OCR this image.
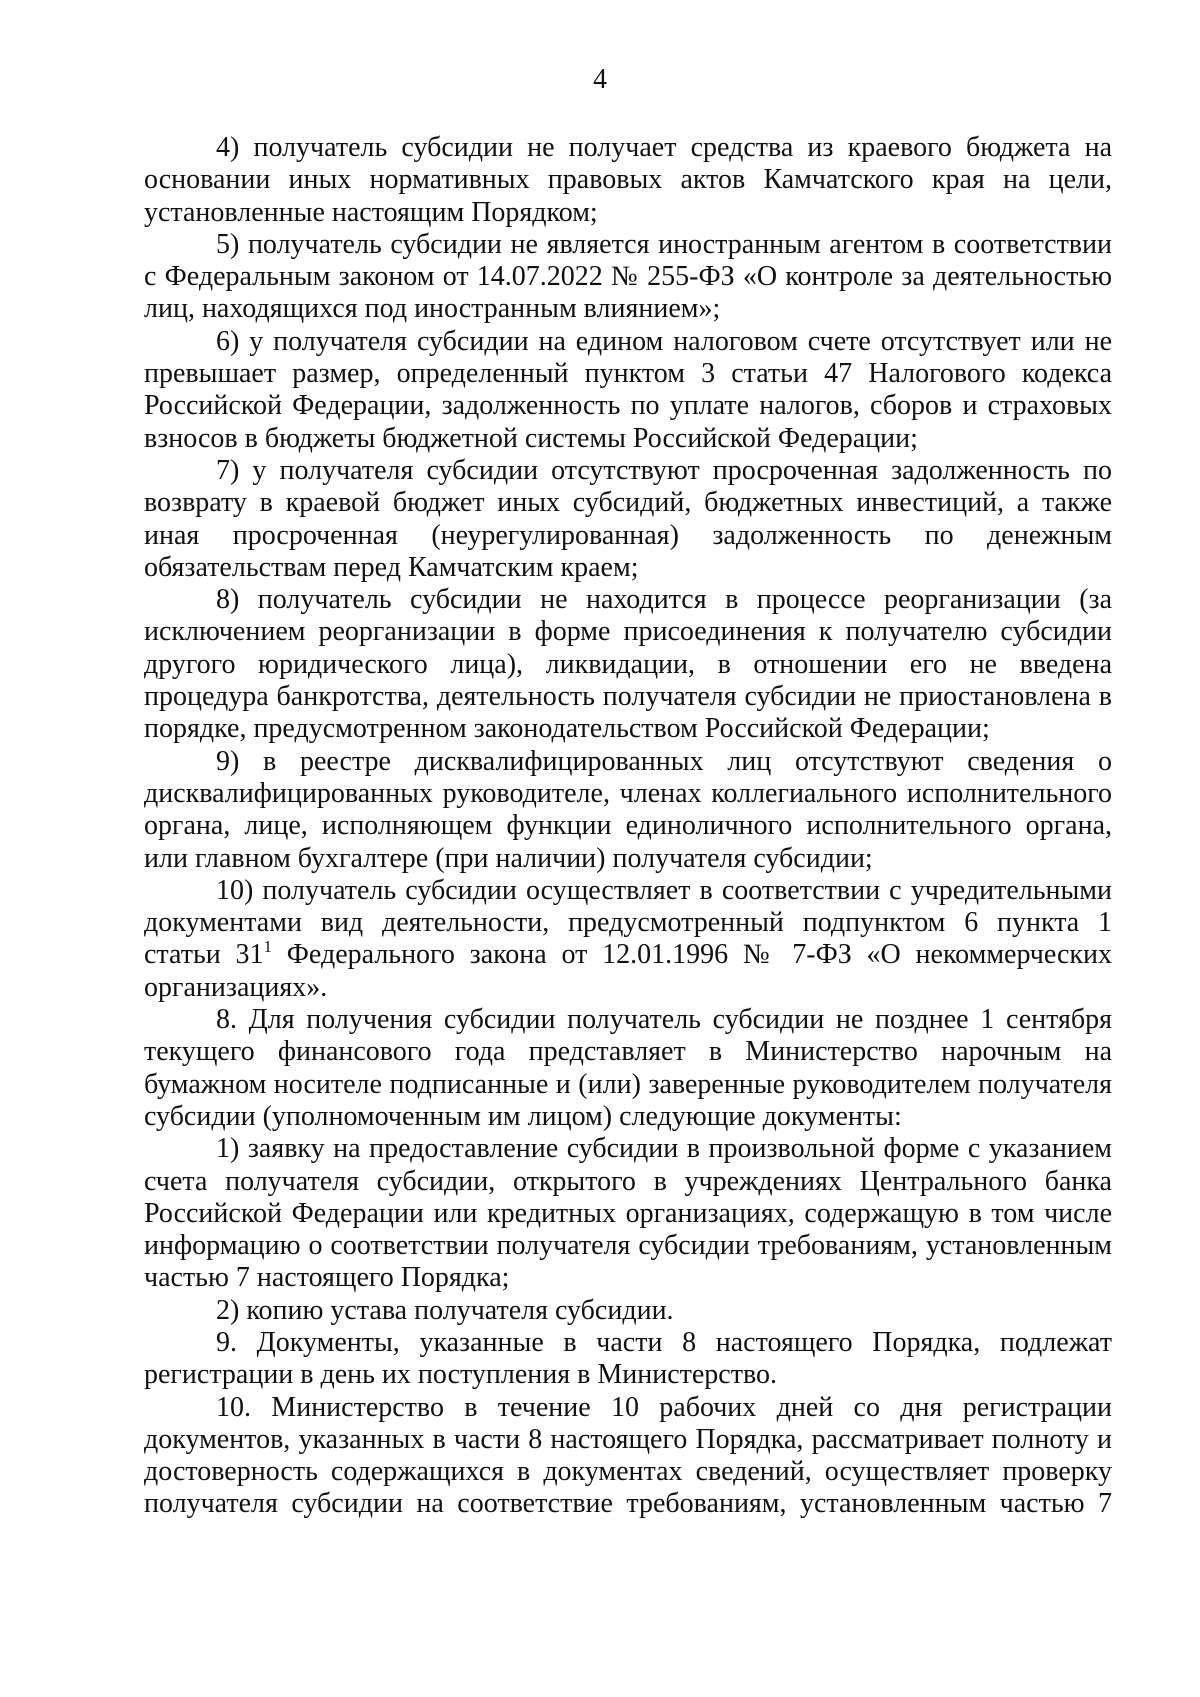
4

4) получатель субсидии не получает средства из краевого бюджета на основании иных нормативных правовых актов Камчатского края на цели, установленные настоящим Порядком;

5) получатель субсидии не является иностранным агентом в соответствии с Федеральным законом от 14.07.2022 № 255-ФЗ «О контроле за деятельностью лиц, находящихся под иностранным влиянием»;

6) у получателя субсидии на едином налоговом счете отсутствует или не превышает размер, определенный пунктом 3 статьи 47 Налогового кодекса Российской Федерации, задолженность по уплате налогов, сборов и страховых взносов в бюджеты бюджетной системы Российской Федерации;

7) у получателя субсидии отсутствуют просроченная задолженность по возврату в краевой бюджет иных субсидий, бюджетных инвестиций, а также иная просроченная (неурегулированная) задолженность по денежным обязательствам перед Камчатским краем;

8) получатель субсидии не находится в процессе реорганизации (за исключением реорганизации в форме присоединения к получателю субсидии другого юридического лица), ликвидации, в отношении его не введена процедура банкротства, деятельность получателя субсидии не приостановлена в порядке, предусмотренном законодательством Российской Федерации;

9) в реестре дисквалифицированных лиц отсутствуют сведения о дисквалифицированных руководителе, членах коллегиального исполнительного органа, лице, исполняющем функции единоличного исполнительного органа, или главном бухгалтере (при наличии) получателя субсидии;

10) получатель субсидии осуществляет в соответствии с учредительными документами вид деятельности, предусмотренный подпунктом 6 пункта 1 статьи $31^1$ Федерального закона от 12.01.1996 № 7-ФЗ «О некоммерческих организациях».

8. Для получения субсидии получатель субсидии не позднее 1 сентября текущего финансового года представляет в Министерство нарочным на бумажном носителе подписанные и (или) заверенные руководителем получателя субсидии (уполномоченным им лицом) следующие документы:

1) заявку на предоставление субсидии в произвольной форме с указанием счета получателя субсидии, открытого в учреждениях Центрального банка Российской Федерации или кредитных организациях, содержащую в том числе информацию о соответствии получателя субсидии требованиям, установленным частью 7 настоящего Порядка;

2) копию устава получателя субсидии.

9. Документы, указанные в части 8 настоящего Порядка, подлежат регистрации в день их поступления в Министерство.

10. Министерство в течение 10 рабочих дней со дня регистрации документов, указанных в части 8 настоящего Порядка, рассматривает полноту и достоверность содержащихся в документах сведений, осуществляет проверку получателя субсидии на соответствие требованиям, установленным частью 7
